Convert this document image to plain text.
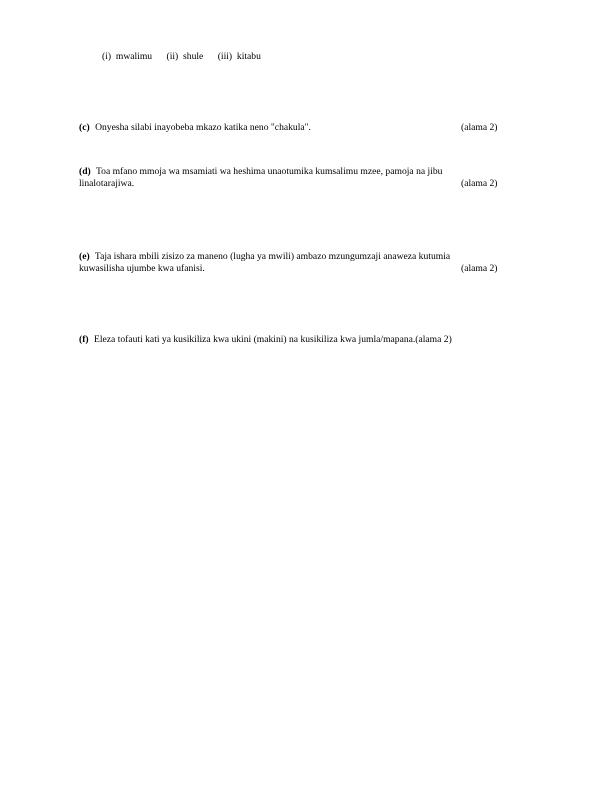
(i) mwalimu (ii) shule (iii) kitabu
(c) Onyesha silabi inayobeba mkazo katika neno "chakula".	(alama 2)
(d) Toa mfano mmoja wa msamiati wa heshima unaotumika kumsalimu mzee, pamoja na jibu
linalotarajiwa.	(alama 2)
(e) Taja ishara mbili zisizo za maneno (lugha ya mwili) ambazo mzungumzaji anaweza kutumia
kuwasilisha ujumbe kwa ufanisi.	(alama 2)
(f) Eleza tofauti kati ya kusikiliza kwa ukini (makini) na kusikiliza kwa jumla/mapana.(alama 2)
